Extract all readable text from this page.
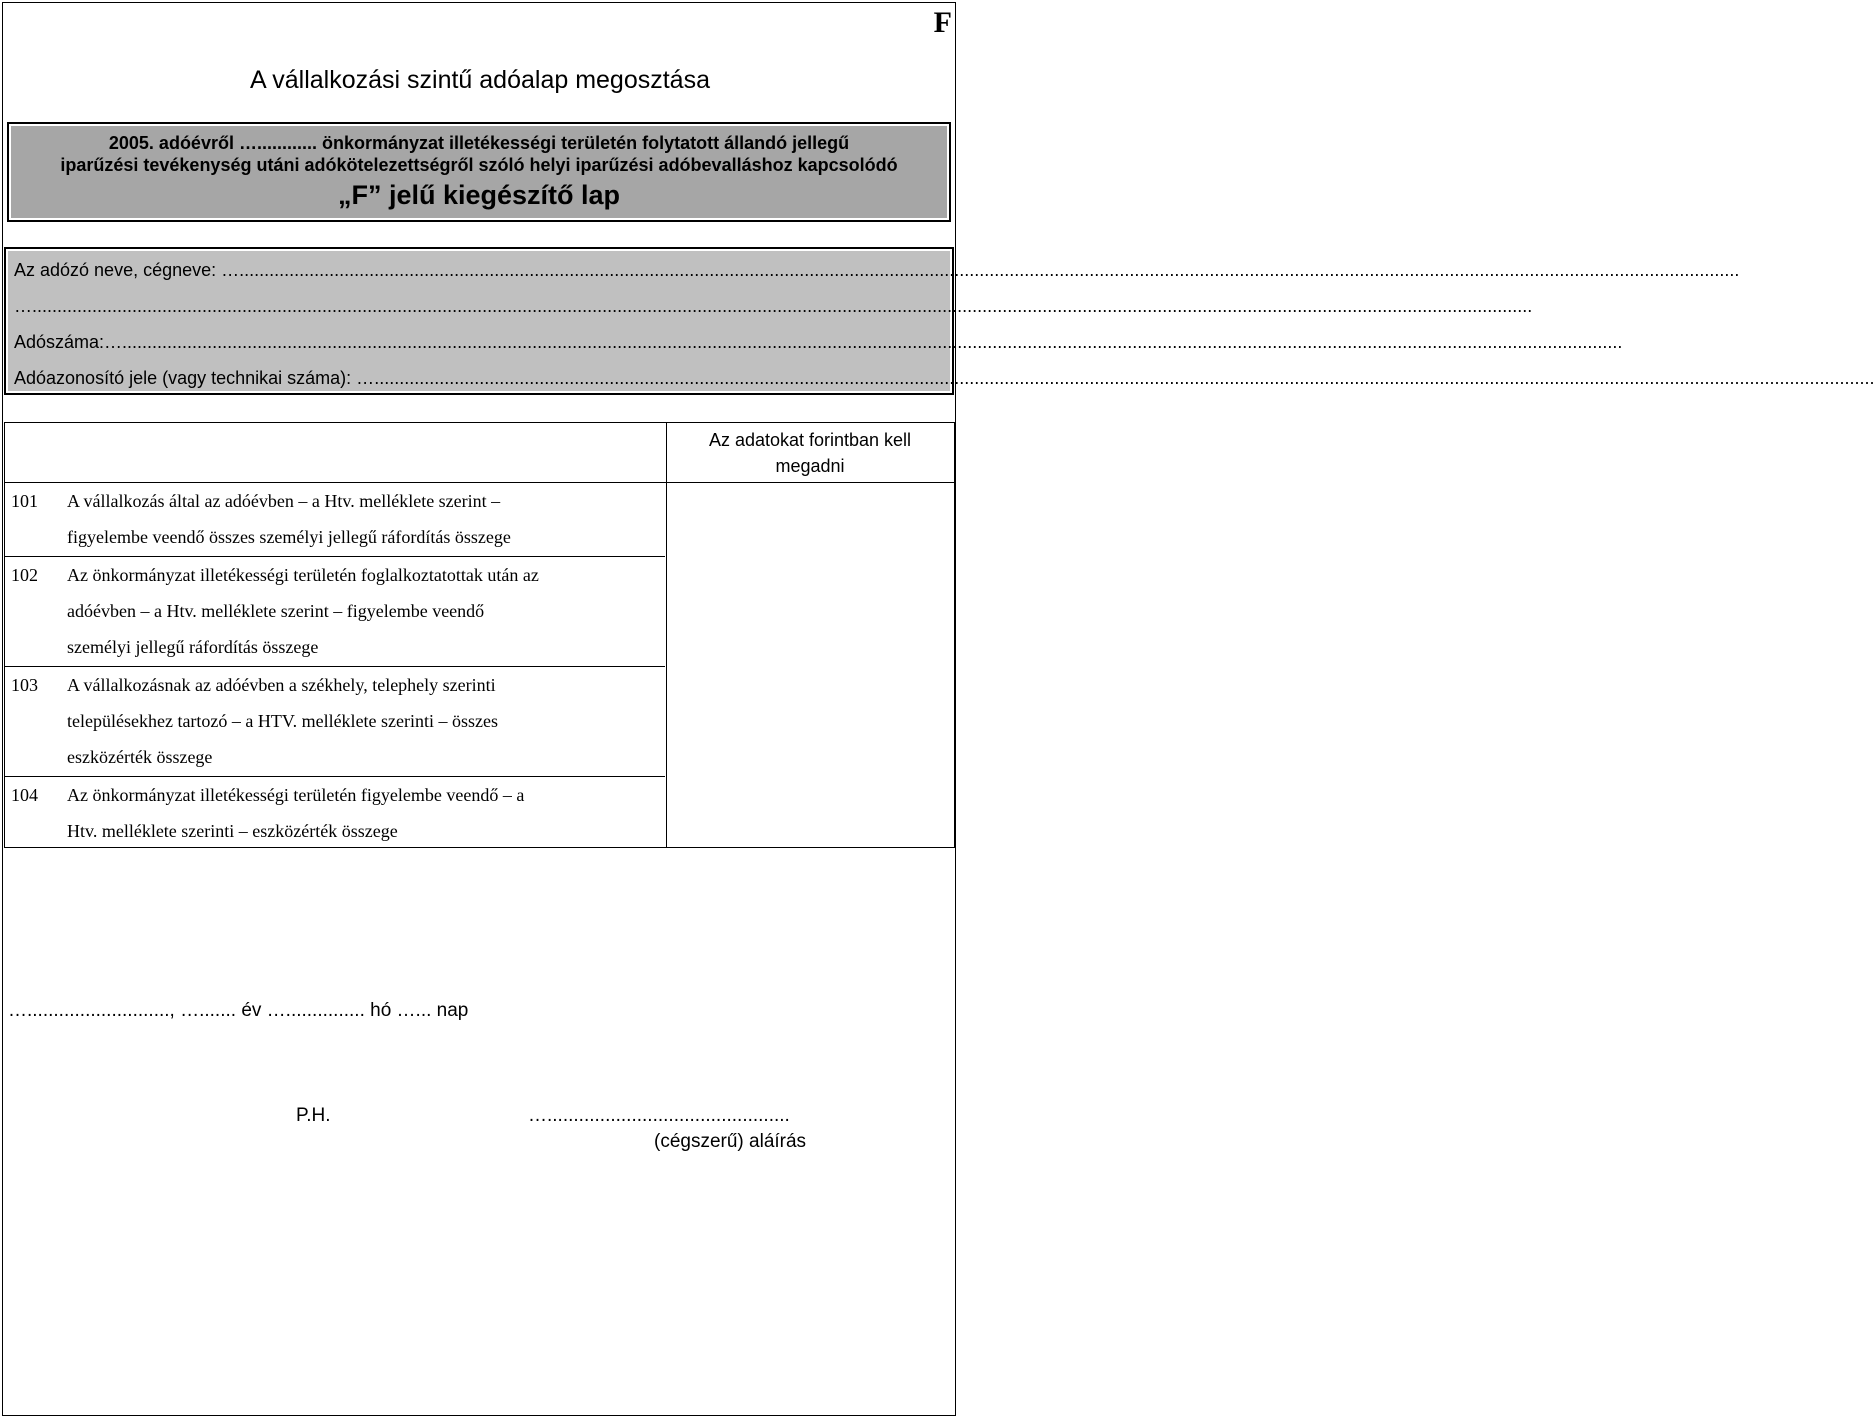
F
A vállalkozási szintű adóalap megosztása
2005. adóévről …............ önkormányzat illetékességi területén folytatott állandó jellegű
iparűzési tevékenység utáni adókötelezettségről szóló helyi iparűzési adóbevalláshoz kapcsolódó
„F” jelű kiegészítő lap
Az adózó neve, cégneve: …............................................................................................................................................................................................................................................................................................................
…............................................................................................................................................................................................................................................................................................................
Adószáma:…............................................................................................................................................................................................................................................................................................................
Adóazonosító jele (vagy technikai száma): …............................................................................................................................................................................................................................................................................................................
Az adatokat forintban kell megadni
101 A vállalkozás által az adóévben – a Htv. melléklete szerint –
figyelembe veendő összes személyi jellegű ráfordítás összege
102 Az önkormányzat illetékességi területén foglalkoztatottak után az
adóévben – a Htv. melléklete szerint – figyelembe veendő
személyi jellegű ráfordítás összege
103 A vállalkozásnak az adóévben a székhely, telephely szerinti
településekhez tartozó – a HTV. melléklete szerinti – összes
eszközérték összege
104 Az önkormányzat illetékességi területén figyelembe veendő – a
Htv. melléklete szerinti – eszközérték összege
…..........................., …....... év …............... hó …... nap
P.H.	…..............................................
(cégszerű) aláírás
